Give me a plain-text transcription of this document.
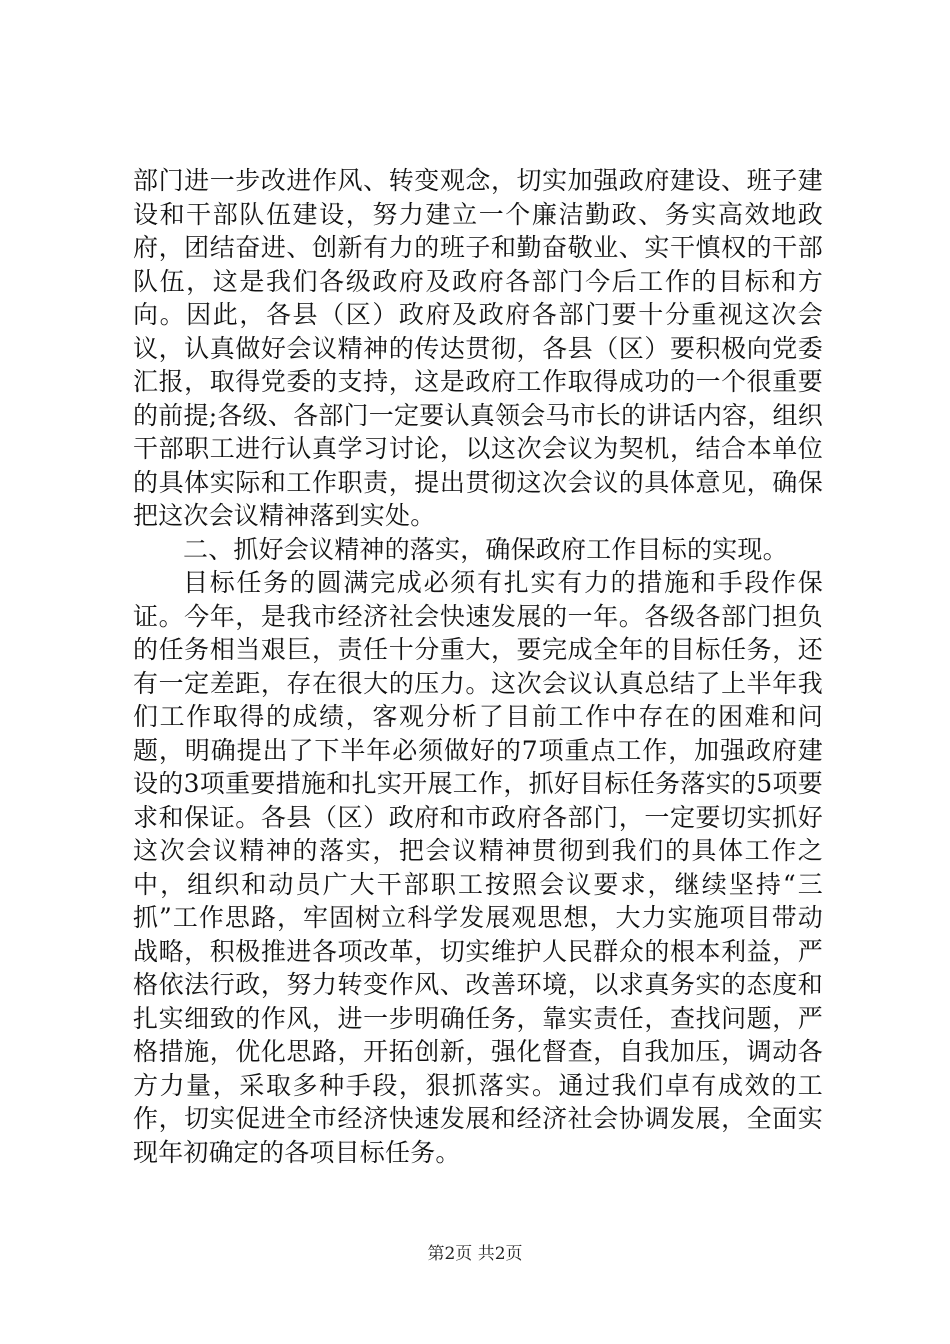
部门进一步改进作风、转变观念，切实加强政府建设、班子建设和干部队伍建设，努力建立一个廉洁勤政、务实高效地政府，团结奋进、创新有力的班子和勤奋敬业、实干慎权的干部队伍，这是我们各级政府及政府各部门今后工作的目标和方向。因此，各县（区）政府及政府各部门要十分重视这次会议，认真做好会议精神的传达贯彻，各县（区）要积极向党委汇报，取得党委的支持，这是政府工作取得成功的一个很重要的前提;各级、各部门一定要认真领会马市长的讲话内容，组织干部职工进行认真学习讨论，以这次会议为契机，结合本单位的具体实际和工作职责，提出贯彻这次会议的具体意见，确保把这次会议精神落到实处。

二、抓好会议精神的落实，确保政府工作目标的实现。

目标任务的圆满完成必须有扎实有力的措施和手段作保证。今年，是我市经济社会快速发展的一年。各级各部门担负的任务相当艰巨，责任十分重大，要完成全年的目标任务，还有一定差距，存在很大的压力。这次会议认真总结了上半年我们工作取得的成绩，客观分析了目前工作中存在的困难和问题，明确提出了下半年必须做好的7项重点工作，加强政府建设的3项重要措施和扎实开展工作，抓好目标任务落实的5项要求和保证。各县（区）政府和市政府各部门，一定要切实抓好这次会议精神的落实，把会议精神贯彻到我们的具体工作之中，组织和动员广大干部职工按照会议要求，继续坚持“三抓”工作思路，牢固树立科学发展观思想，大力实施项目带动战略，积极推进各项改革，切实维护人民群众的根本利益，严格依法行政，努力转变作风、改善环境，以求真务实的态度和扎实细致的作风，进一步明确任务，靠实责任，查找问题，严格措施，优化思路，开拓创新，强化督查，自我加压，调动各方力量，采取多种手段，狠抓落实。通过我们卓有成效的工作，切实促进全市经济快速发展和经济社会协调发展，全面实现年初确定的各项目标任务。

第2页 共2页
